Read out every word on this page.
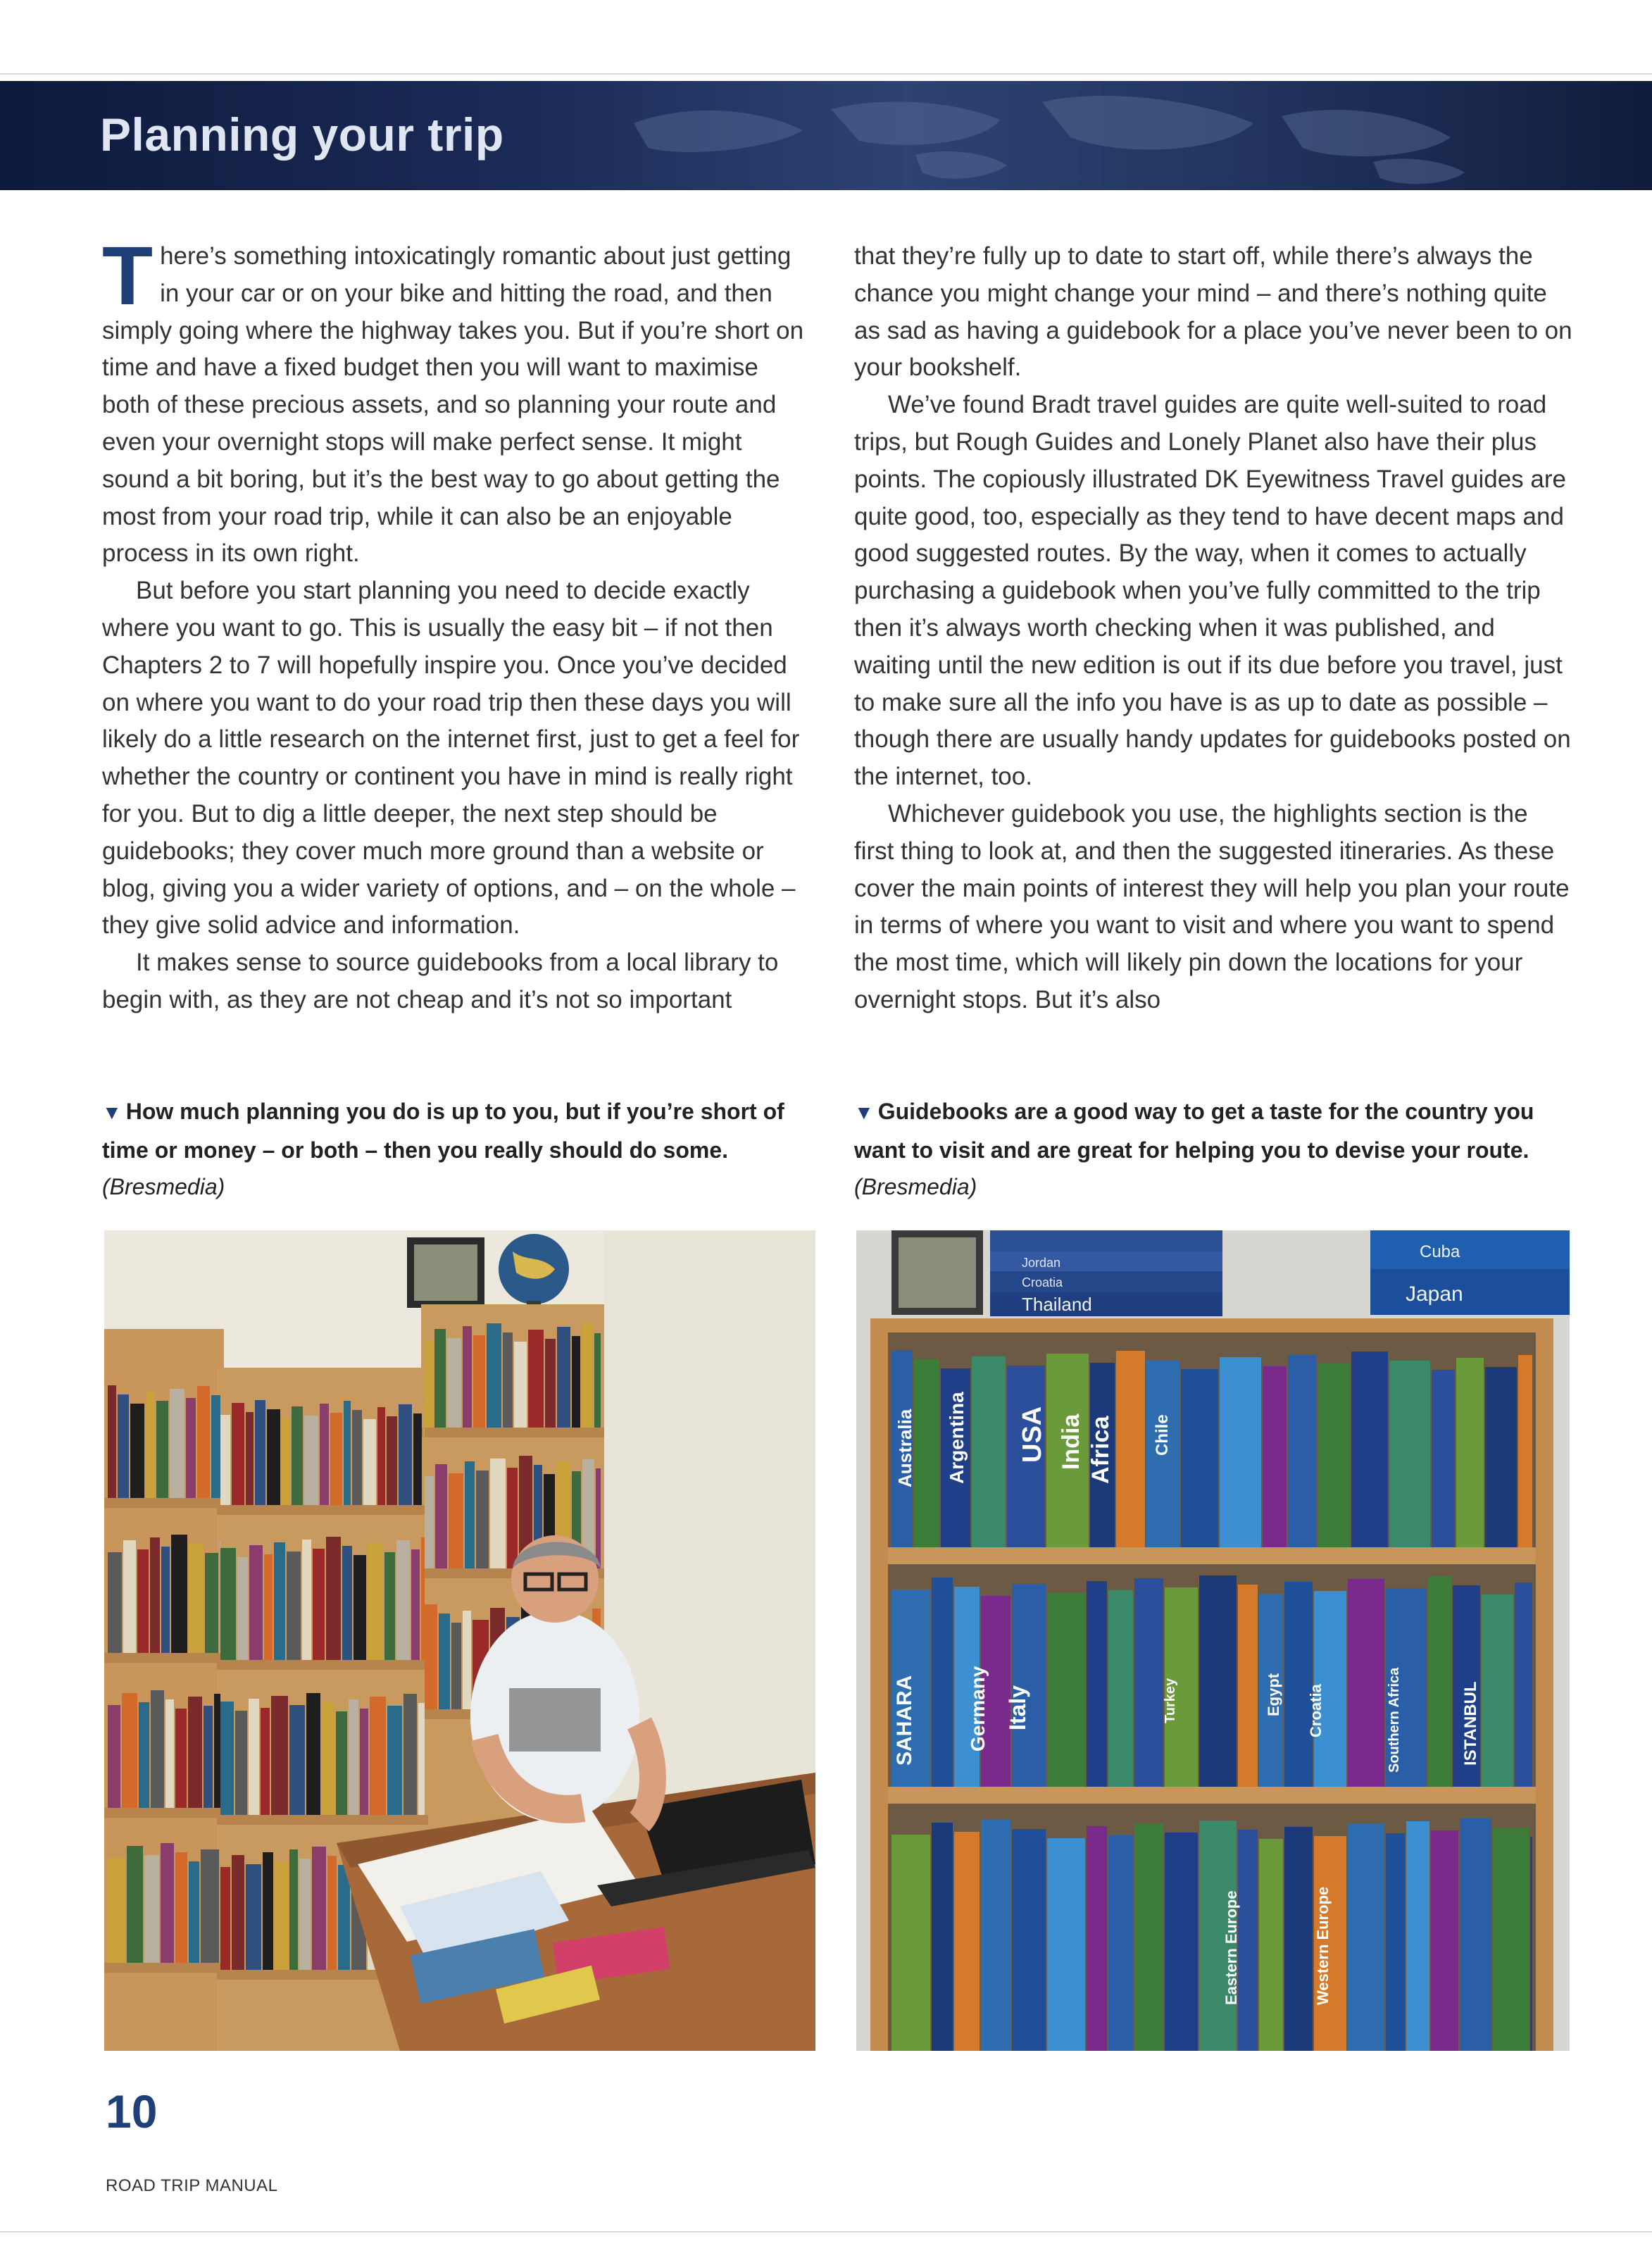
Planning your trip

There’s something intoxicatingly romantic about just getting in your car or on your bike and hitting the road, and then simply going where the highway takes you. But if you’re short on time and have a fixed budget then you will want to maximise both of these precious assets, and so planning your route and even your overnight stops will make perfect sense. It might sound a bit boring, but it’s the best way to go about getting the most from your road trip, while it can also be an enjoyable process in its own right.

But before you start planning you need to decide exactly where you want to go. This is usually the easy bit – if not then Chapters 2 to 7 will hopefully inspire you. Once you’ve decided on where you want to do your road trip then these days you will likely do a little research on the internet first, just to get a feel for whether the country or continent you have in mind is really right for you. But to dig a little deeper, the next step should be guidebooks; they cover much more ground than a website or blog, giving you a wider variety of options, and – on the whole – they give solid advice and information.

It makes sense to source guidebooks from a local library to begin with, as they are not cheap and it’s not so important

that they’re fully up to date to start off, while there’s always the chance you might change your mind – and there’s nothing quite as sad as having a guidebook for a place you’ve never been to on your bookshelf.

We’ve found Bradt travel guides are quite well-suited to road trips, but Rough Guides and Lonely Planet also have their plus points. The copiously illustrated DK Eyewitness Travel guides are quite good, too, especially as they tend to have decent maps and good suggested routes. By the way, when it comes to actually purchasing a guidebook when you’ve fully committed to the trip then it’s always worth checking when it was published, and waiting until the new edition is out if its due before you travel, just to make sure all the info you have is as up to date as possible – though there are usually handy updates for guidebooks posted on the internet, too.

Whichever guidebook you use, the highlights section is the first thing to look at, and then the suggested itineraries. As these cover the main points of interest they will help you plan your route in terms of where you want to visit and where you want to spend the most time, which will likely pin down the locations for your overnight stops. But it’s also

▼ How much planning you do is up to you, but if you’re short of time or money – or both – then you really should do some. (Bresmedia)
▼ Guidebooks are a good way to get a taste for the country you want to visit and are great for helping you to devise your route. (Bresmedia)
Jordan
Croatia
Thailand
Cuba
Japan
Australia Argentina USA India Africa Chile
SAHARA	Germany Italy	Turkey	Egypt Croatia	Southern Africa	ISTANBUL
Eastern Europe	Western Europe
10
ROAD TRIP MANUAL
